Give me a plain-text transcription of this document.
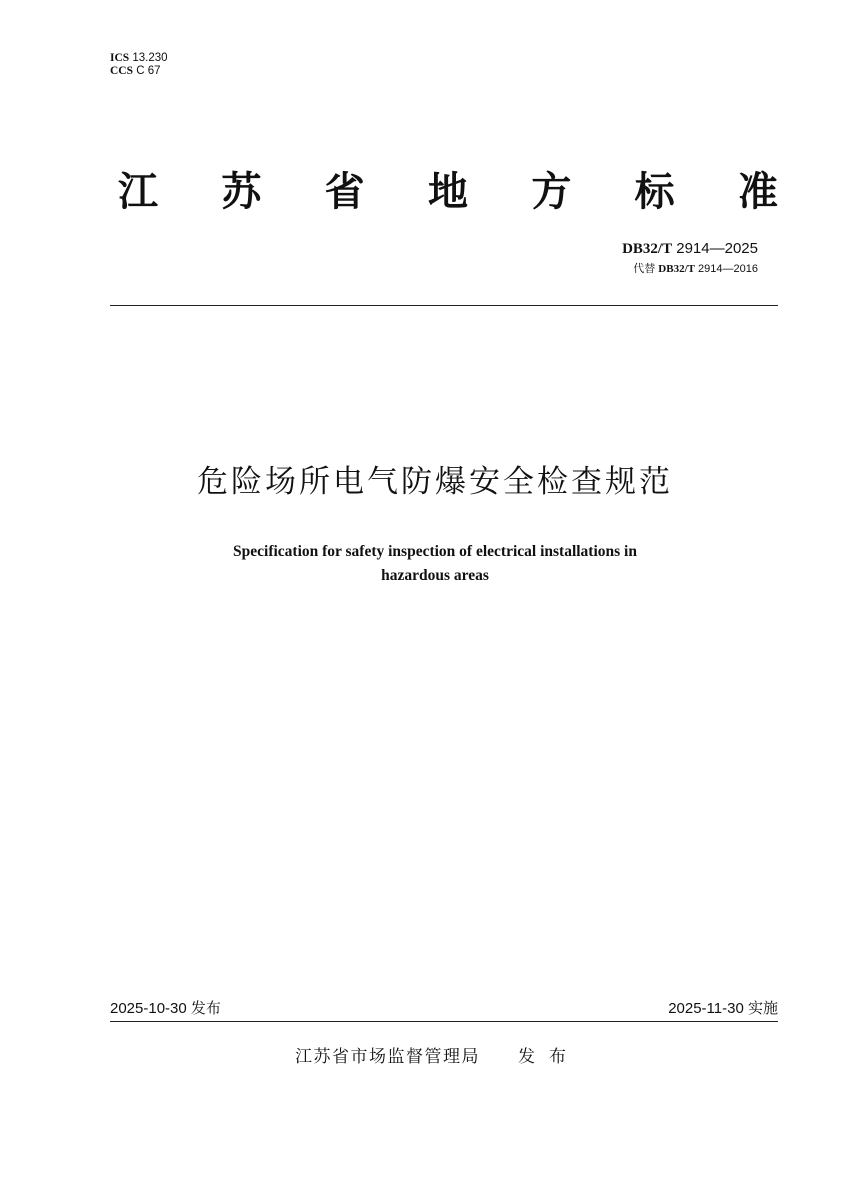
ICS 13.230
CCS C 67
江 苏 省 地 方 标 准
DB32/T 2914—2025
代替 DB32/T 2914—2016
危险场所电气防爆安全检查规范
Specification for safety inspection of electrical installations in
hazardous areas
2025-10-30 发布	2025-11-30 实施
江苏省市场监督管理局 发布
